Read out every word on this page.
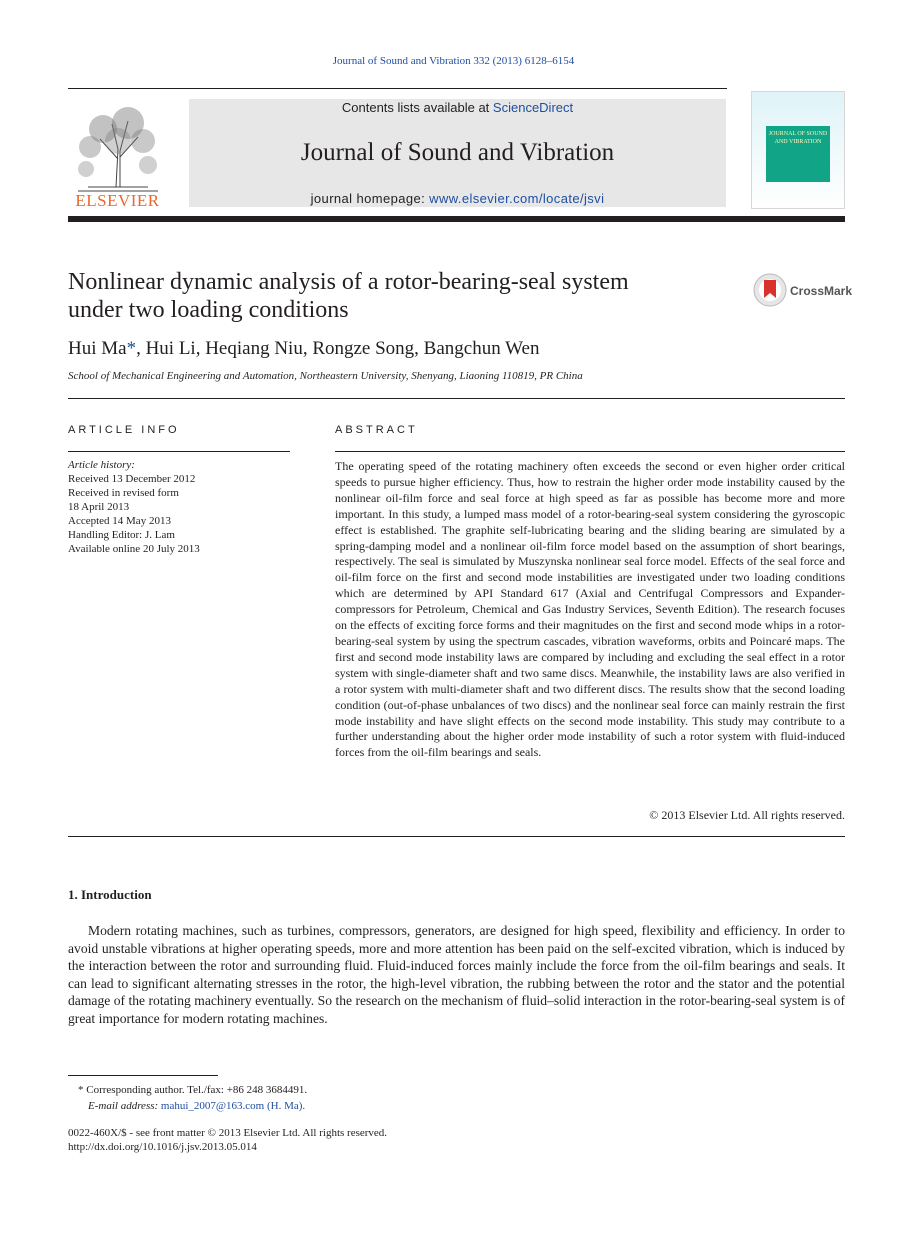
Journal of Sound and Vibration 332 (2013) 6128–6154
ELSEVIER
Contents lists available at ScienceDirect
Journal of Sound and Vibration
journal homepage: www.elsevier.com/locate/jsvi
JOURNAL OF SOUND AND VIBRATION
Nonlinear dynamic analysis of a rotor-bearing-seal system
under two loading conditions
CrossMark
Hui Ma*, Hui Li, Heqiang Niu, Rongze Song, Bangchun Wen
School of Mechanical Engineering and Automation, Northeastern University, Shenyang, Liaoning 110819, PR China
ARTICLE INFO
Article history:
Received 13 December 2012
Received in revised form
18 April 2013
Accepted 14 May 2013
Handling Editor: J. Lam
Available online 20 July 2013
ABSTRACT
The operating speed of the rotating machinery often exceeds the second or even higher order critical speeds to pursue higher efficiency. Thus, how to restrain the higher order mode instability caused by the nonlinear oil-film force and seal force at high speed as far as possible has become more and more important. In this study, a lumped mass model of a rotor-bearing-seal system considering the gyroscopic effect is established. The graphite self-lubricating bearing and the sliding bearing are simulated by a spring-damping model and a nonlinear oil-film force model based on the assumption of short bearings, respectively. The seal is simulated by Muszynska nonlinear seal force model. Effects of the seal force and oil-film force on the first and second mode instabilities are investigated under two loading conditions which are determined by API Standard 617 (Axial and Centrifugal Compressors and Expander-compressors for Petroleum, Chemical and Gas Industry Services, Seventh Edition). The research focuses on the effects of exciting force forms and their magnitudes on the first and second mode whips in a rotor-bearing-seal system by using the spectrum cascades, vibration waveforms, orbits and Poincaré maps. The first and second mode instability laws are compared by including and excluding the seal effect in a rotor system with single-diameter shaft and two same discs. Meanwhile, the instability laws are also verified in a rotor system with multi-diameter shaft and two different discs. The results show that the second loading condition (out-of-phase unbalances of two discs) and the nonlinear seal force can mainly restrain the first mode instability and have slight effects on the second mode instability. This study may contribute to a further understanding about the higher order mode instability of such a rotor system with fluid-induced forces from the oil-film bearings and seals.
© 2013 Elsevier Ltd. All rights reserved.
1. Introduction
Modern rotating machines, such as turbines, compressors, generators, are designed for high speed, flexibility and efficiency. In order to avoid unstable vibrations at higher operating speeds, more and more attention has been paid on the self-excited vibration, which is induced by the interaction between the rotor and surrounding fluid. Fluid-induced forces mainly include the force from the oil-film bearings and seals. It can lead to significant alternating stresses in the rotor, the high-level vibration, the rubbing between the rotor and the stator and the potential damage of the rotating machinery eventually. So the research on the mechanism of fluid–solid interaction in the rotor-bearing-seal system is of great importance for modern rotating machines.
* Corresponding author. Tel./fax: +86 248 3684491.
E-mail address: mahui_2007@163.com (H. Ma).
0022-460X/$ - see front matter © 2013 Elsevier Ltd. All rights reserved.
http://dx.doi.org/10.1016/j.jsv.2013.05.014
